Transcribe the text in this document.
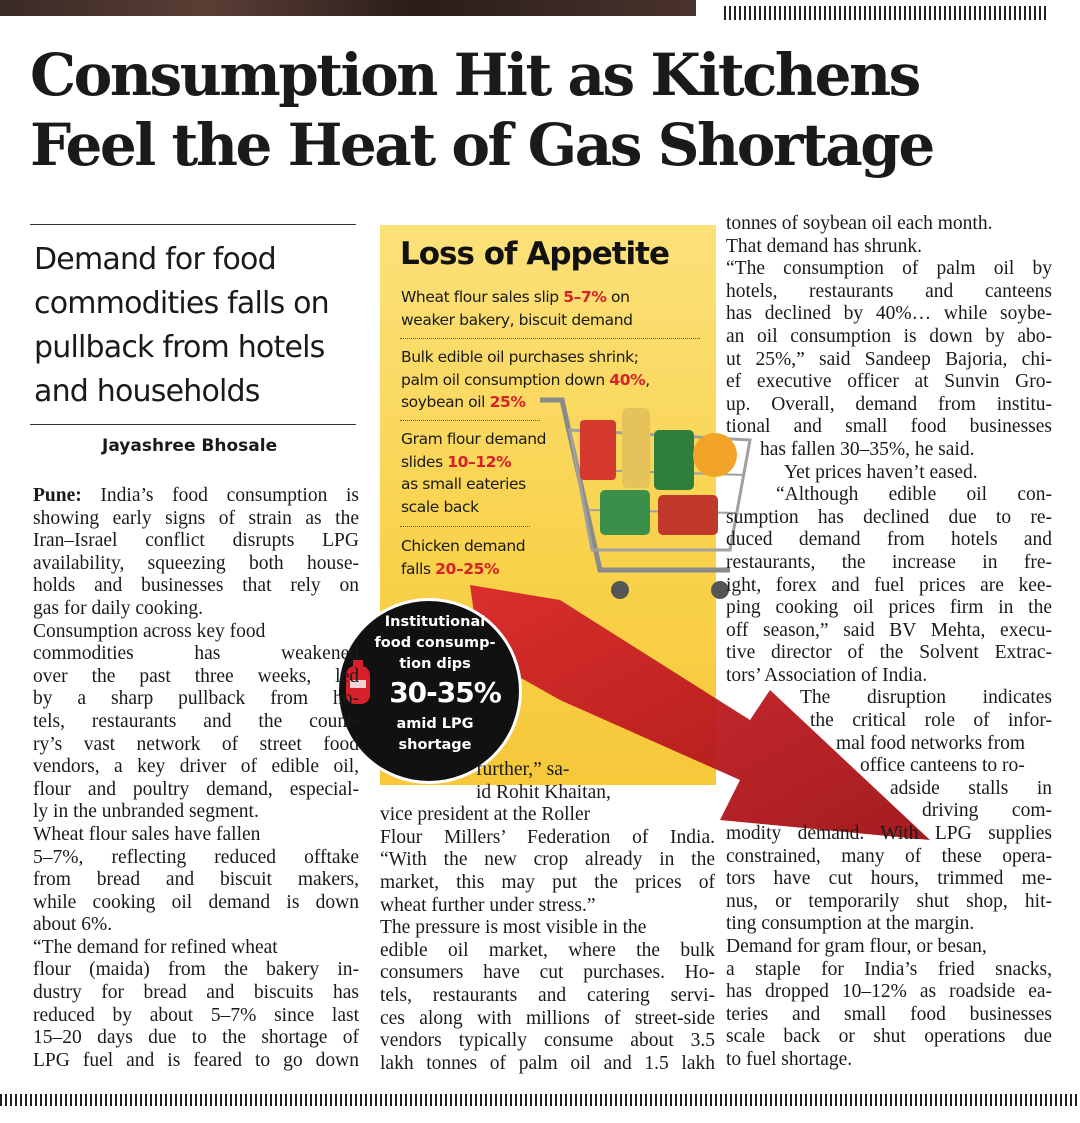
Consumption Hit as Kitchens
Feel the Heat of Gas Shortage
Demand for food
commodities falls on
pullback from hotels
and households
Jayashree Bhosale
Loss of Appetite
Wheat flour sales slip 5–7% on
weaker bakery, biscuit demand
Bulk edible oil purchases shrink;
palm oil consumption down 40%,
soybean oil 25%
Gram flour demand
slides 10–12%
as small eateries
scale back
Chicken demand
falls 20–25%
Institutional
food consump-
tion dips
30-35%
amid LPG
shortage
Pune: India’s food consumption is
showing early signs of strain as the
Iran–Israel conflict disrupts LPG
availability, squeezing both house-
holds and businesses that rely on
gas for daily cooking.
Consumption across key food
commodities has weakened
over the past three weeks, led
by a sharp pullback from ho-
tels, restaurants and the count-
ry’s vast network of street food
vendors, a key driver of edible oil,
flour and poultry demand, especial-
ly in the unbranded segment.
Wheat flour sales have fallen
5–7%, reflecting reduced offtake
from bread and biscuit makers,
while cooking oil demand is down
about 6%.
“The demand for refined wheat
flour (maida) from the bakery in-
dustry for bread and biscuits has
reduced by about 5–7% since last
15–20 days due to the shortage of
LPG fuel and is feared to go down
further,” sa-
id Rohit Khaitan,
vice president at the Roller
Flour Millers’ Federation of India.
“With the new crop already in the
market, this may put the prices of
wheat further under stress.”
The pressure is most visible in the
edible oil market, where the bulk
consumers have cut purchases. Ho-
tels, restaurants and catering servi-
ces along with millions of street-side
vendors typically consume about 3.5
lakh tonnes of palm oil and 1.5 lakh
tonnes of soybean oil each month.
That demand has shrunk.
“The consumption of palm oil by
hotels, restaurants and canteens
has declined by 40%… while soybe-
an oil consumption is down by abo-
ut 25%,” said Sandeep Bajoria, chi-
ef executive officer at Sunvin Gro-
up. Overall, demand from institu-
tional and small food businesses
has fallen 30–35%, he said.
Yet prices haven’t eased.
“Although edible oil con-
sumption has declined due to re-
duced demand from hotels and
restaurants, the increase in fre-
ight, forex and fuel prices are kee-
ping cooking oil prices firm in the
off season,” said BV Mehta, execu-
tive director of the Solvent Extrac-
tors’ Association of India.
The disruption indicates
the critical role of infor-
mal food networks from
office canteens to ro-
adside stalls in
driving com-
modity demand. With LPG supplies
constrained, many of these opera-
tors have cut hours, trimmed me-
nus, or temporarily shut shop, hit-
ting consumption at the margin.
Demand for gram flour, or besan,
a staple for India’s fried snacks,
has dropped 10–12% as roadside ea-
teries and small food businesses
scale back or shut operations due
to fuel shortage.
